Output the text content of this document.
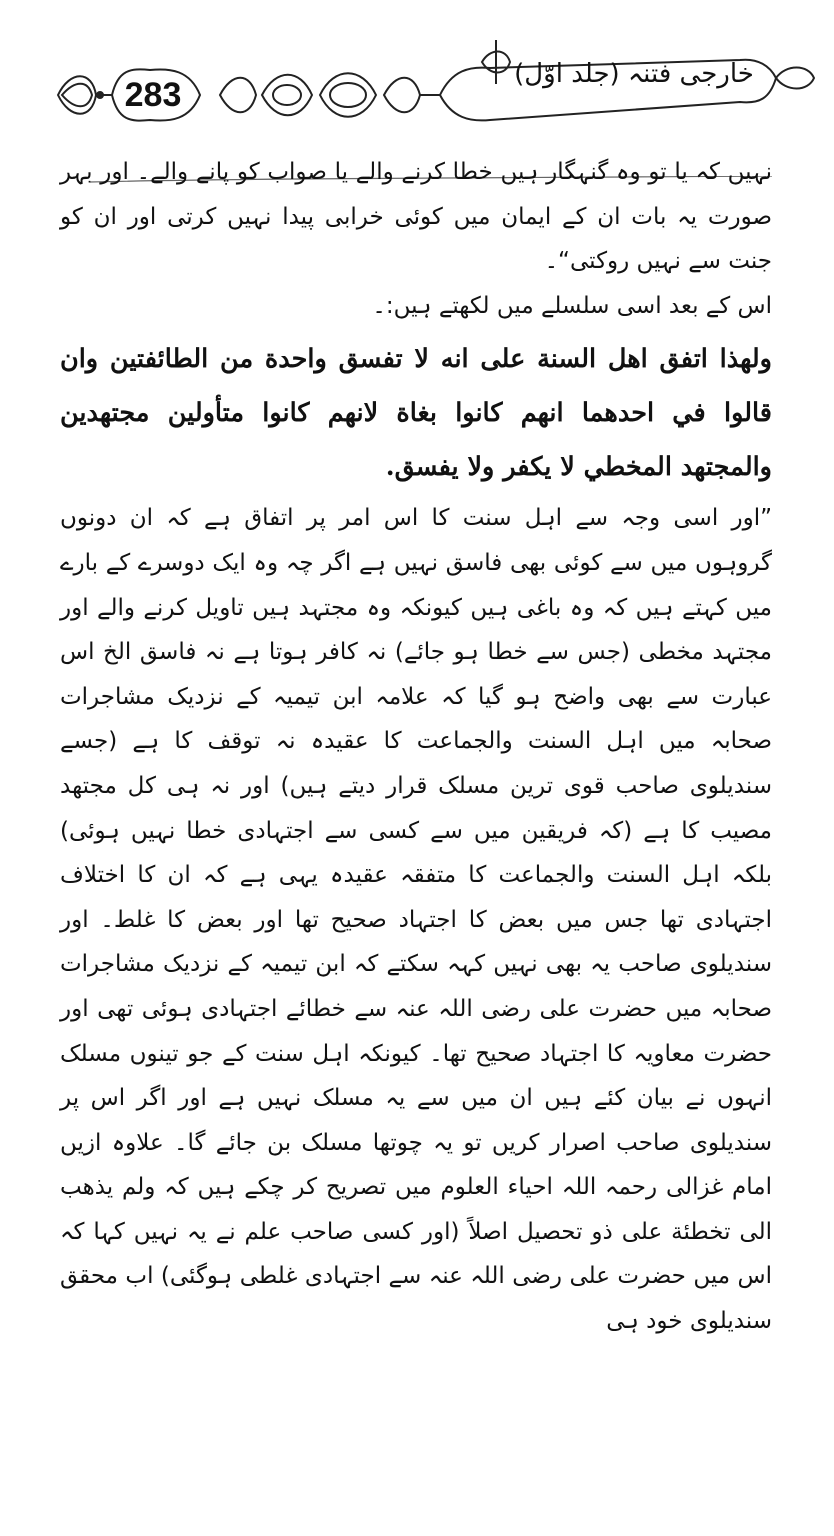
283
خارجی فتنہ (جلد اوّل)

نہیں کہ یا تو وہ گنہگار ہیں خطا کرنے والے یا صواب کو پانے والے۔ اور بہر صورت یہ بات ان کے ایمان میں کوئی خرابی پیدا نہیں کرتی اور ان کو جنت سے نہیں روکتی“۔

اس کے بعد اسی سلسلے میں لکھتے ہیں:۔

ولهذا اتفق اهل السنة على انه لا تفسق واحدة من الطائفتين وان قالوا في احدهما انهم كانوا بغاة لانهم كانوا متأولين مجتهدين والمجتهد المخطي لا يكفر ولا يفسق.

”اور اسی وجہ سے اہل سنت کا اس امر پر اتفاق ہے کہ ان دونوں گروہوں میں سے کوئی بھی فاسق نہیں ہے اگر چہ وہ ایک دوسرے کے بارے میں کہتے ہیں کہ وہ باغی ہیں کیونکہ وہ مجتہد ہیں تاویل کرنے والے اور مجتہد مخطی (جس سے خطا ہو جائے) نہ کافر ہوتا ہے نہ فاسق الخ اس عبارت سے بھی واضح ہو گیا کہ علامہ ابن تیمیہ کے نزدیک مشاجرات صحابہ میں اہل السنت والجماعت کا عقیدہ نہ توقف کا ہے (جسے سندیلوی صاحب قوی ترین مسلک قرار دیتے ہیں) اور نہ ہی کل مجتهد مصیب کا ہے (کہ فریقین میں سے کسی سے اجتہادی خطا نہیں ہوئی) بلکہ اہل السنت والجماعت کا متفقہ عقیدہ یہی ہے کہ ان کا اختلاف اجتہادی تھا جس میں بعض کا اجتہاد صحیح تھا اور بعض کا غلط۔ اور سندیلوی صاحب یہ بھی نہیں کہہ سکتے کہ ابن تیمیہ کے نزدیک مشاجرات صحابہ میں حضرت علی رضی اللہ عنہ سے خطائے اجتہادی ہوئی تھی اور حضرت معاویہ کا اجتہاد صحیح تھا۔ کیونکہ اہل سنت کے جو تینوں مسلک انہوں نے بیان کئے ہیں ان میں سے یہ مسلک نہیں ہے اور اگر اس پر سندیلوی صاحب اصرار کریں تو یہ چوتھا مسلک بن جائے گا۔ علاوہ ازیں امام غزالی رحمہ اللہ احیاء العلوم میں تصریح کر چکے ہیں کہ ولم يذهب الى تخطئة على ذو تحصيل اصلاً (اور کسی صاحب علم نے یہ نہیں کہا کہ اس میں حضرت علی رضی اللہ عنہ سے اجتہادی غلطی ہوگئی) اب محقق سندیلوی خود ہی
